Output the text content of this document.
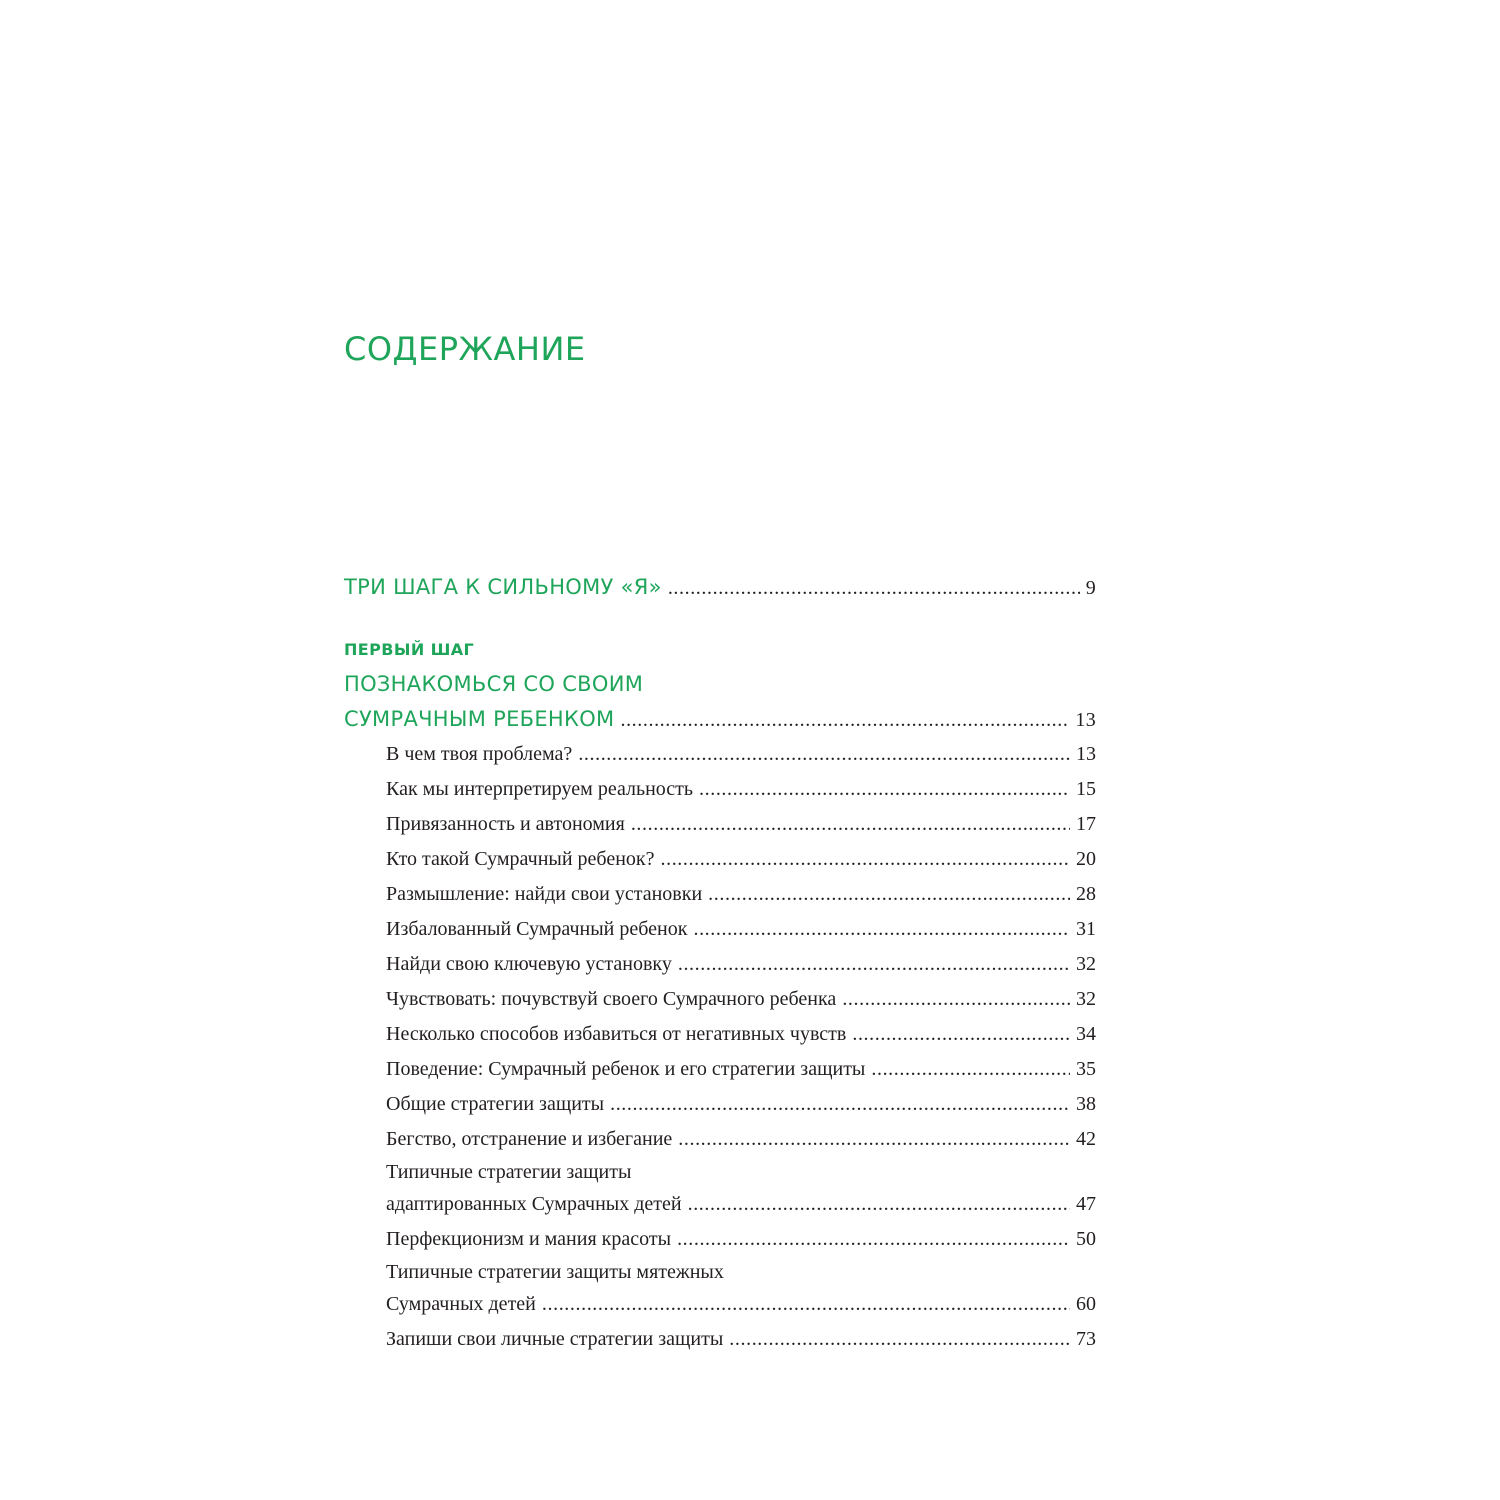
СОДЕРЖАНИЕ
ТРИ ШАГА К СИЛЬНОМУ «Я» .....	9
ПЕРВЫЙ ШАГ
ПОЗНАКОМЬСЯ СО СВОИМ
СУМРАЧНЫМ РЕБЕНКОМ .....	13
В чем твоя проблема? .....	13
Как мы интерпретируем реальность .....	15
Привязанность и автономия .....	17
Кто такой Сумрачный ребенок? .....	20
Размышление: найди свои установки .....	28
Избалованный Сумрачный ребенок .....	31
Найди свою ключевую установку .....	32
Чувствовать: почувствуй своего Сумрачного ребенка .....	32
Несколько способов избавиться от негативных чувств .....	34
Поведение: Сумрачный ребенок и его стратегии защиты .....	35
Общие стратегии защиты .....	38
Бегство, отстранение и избегание .....	42
Типичные стратегии защиты
адаптированных Сумрачных детей .....	47
Перфекционизм и мания красоты .....	50
Типичные стратегии защиты мятежных
Сумрачных детей .....	60
Запиши свои личные стратегии защиты .....	73
